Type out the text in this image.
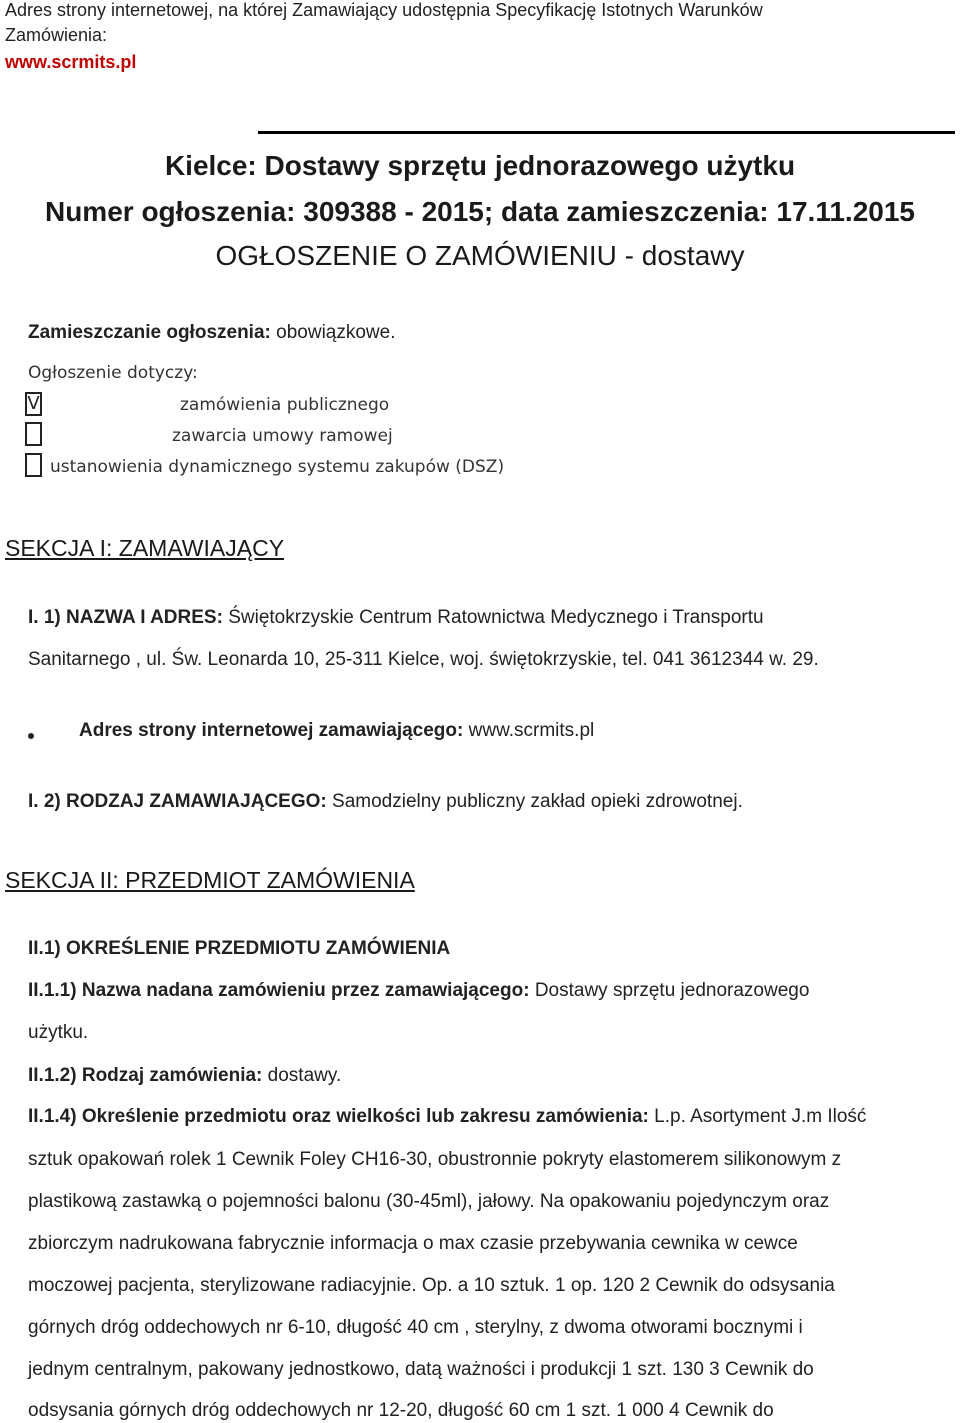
Adres strony internetowej, na której Zamawiający udostępnia Specyfikację Istotnych Warunków
Zamówienia:
www.scrmits.pl
Kielce: Dostawy sprzętu jednorazowego użytku
Numer ogłoszenia: 309388 - 2015; data zamieszczenia: 17.11.2015
OGŁOSZENIE O ZAMÓWIENIU - dostawy
Zamieszczanie ogłoszenia: obowiązkowe.
Ogłoszenie dotyczy:
V	zamówienia publicznego
zawarcia umowy ramowej
ustanowienia dynamicznego systemu zakupów (DSZ)
SEKCJA I: ZAMAWIAJĄCY
I. 1) NAZWA I ADRES: Świętokrzyskie Centrum Ratownictwa Medycznego i Transportu
Sanitarnego , ul. Św. Leonarda 10, 25-311 Kielce, woj. świętokrzyskie, tel. 041 3612344 w. 29.
Adres strony internetowej zamawiającego: www.scrmits.pl
I. 2) RODZAJ ZAMAWIAJĄCEGO: Samodzielny publiczny zakład opieki zdrowotnej.
SEKCJA II: PRZEDMIOT ZAMÓWIENIA
II.1) OKREŚLENIE PRZEDMIOTU ZAMÓWIENIA
II.1.1) Nazwa nadana zamówieniu przez zamawiającego: Dostawy sprzętu jednorazowego
użytku.
II.1.2) Rodzaj zamówienia: dostawy.
II.1.4) Określenie przedmiotu oraz wielkości lub zakresu zamówienia: L.p. Asortyment J.m Ilość
sztuk opakowań rolek 1 Cewnik Foley CH16-30, obustronnie pokryty elastomerem silikonowym z
plastikową zastawką o pojemności balonu (30-45ml), jałowy. Na opakowaniu pojedynczym oraz
zbiorczym nadrukowana fabrycznie informacja o max czasie przebywania cewnika w cewce
moczowej pacjenta, sterylizowane radiacyjnie. Op. a 10 sztuk. 1 op. 120 2 Cewnik do odsysania
górnych dróg oddechowych nr 6-10, długość 40 cm , sterylny, z dwoma otworami bocznymi i
jednym centralnym, pakowany jednostkowo, datą ważności i produkcji 1 szt. 130 3 Cewnik do
odsysania górnych dróg oddechowych nr 12-20, długość 60 cm 1 szt. 1 000 4 Cewnik do
